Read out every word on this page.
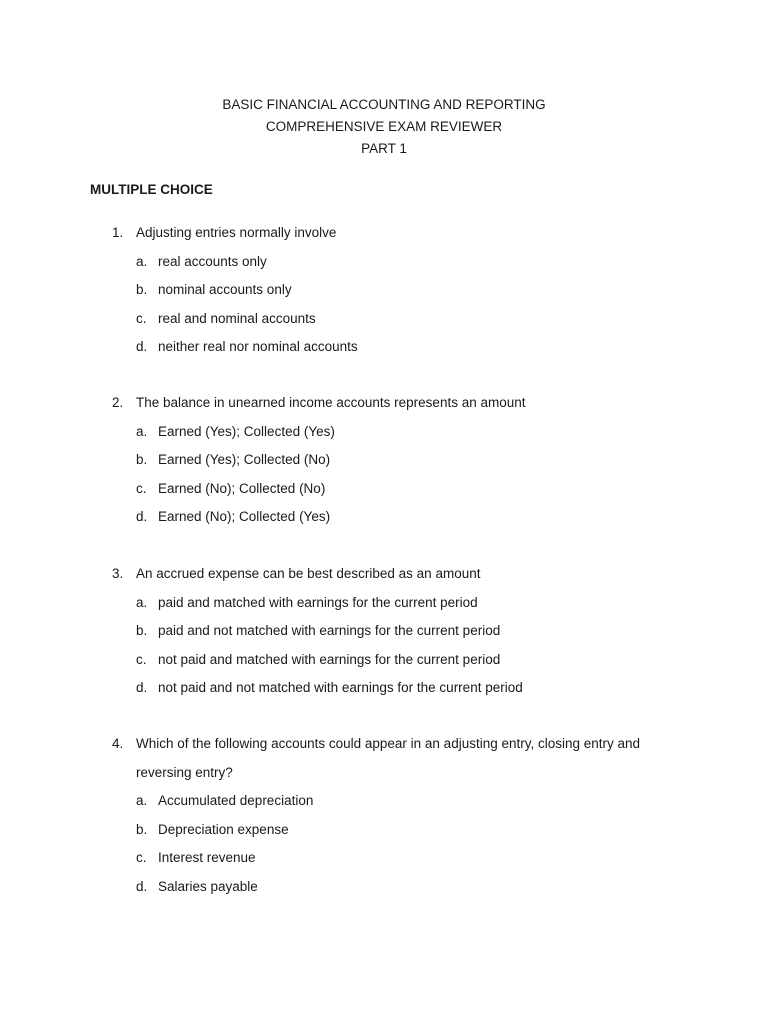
BASIC FINANCIAL ACCOUNTING AND REPORTING
COMPREHENSIVE EXAM REVIEWER
PART 1
MULTIPLE CHOICE
1. Adjusting entries normally involve
a. real accounts only
b. nominal accounts only
c. real and nominal accounts
d. neither real nor nominal accounts
2. The balance in unearned income accounts represents an amount
a. Earned (Yes); Collected (Yes)
b. Earned (Yes); Collected (No)
c. Earned (No); Collected (No)
d. Earned (No); Collected (Yes)
3. An accrued expense can be best described as an amount
a. paid and matched with earnings for the current period
b. paid and not matched with earnings for the current period
c. not paid and matched with earnings for the current period
d. not paid and not matched with earnings for the current period
4. Which of the following accounts could appear in an adjusting entry, closing entry and reversing entry?
a. Accumulated depreciation
b. Depreciation expense
c. Interest revenue
d. Salaries payable
